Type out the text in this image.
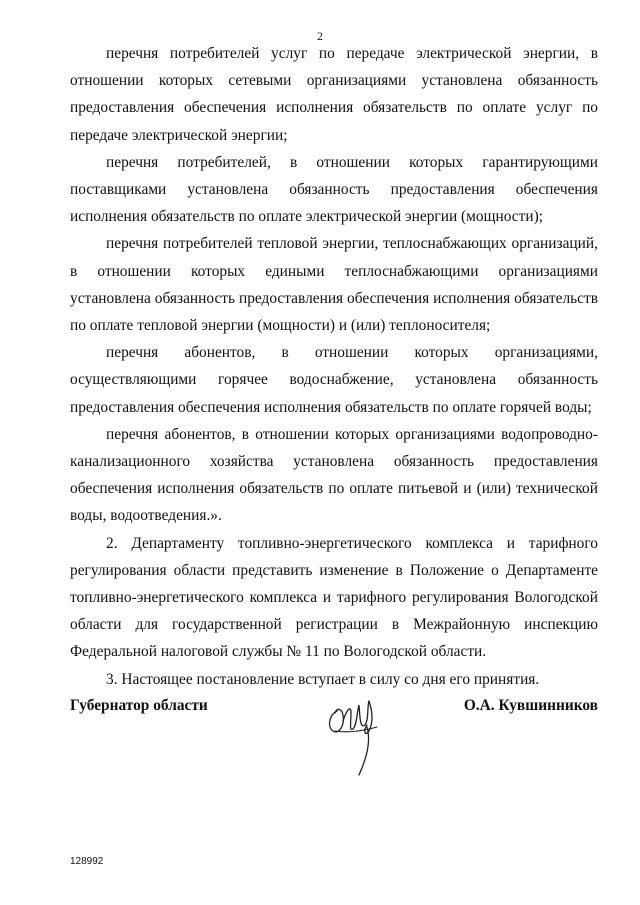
2

перечня потребителей услуг по передаче электрической энергии, в отношении которых сетевыми организациями установлена обязанность предоставления обеспечения исполнения обязательств по оплате услуг по передаче электрической энергии;

перечня потребителей, в отношении которых гарантирующими поставщиками установлена обязанность предоставления обеспечения исполнения обязательств по оплате электрической энергии (мощности);

перечня потребителей тепловой энергии, теплоснабжающих организаций, в отношении которых едиными теплоснабжающими организациями установлена обязанность предоставления обеспечения исполнения обязательств по оплате тепловой энергии (мощности) и (или) теплоносителя;

перечня абонентов, в отношении которых организациями, осуществляющими горячее водоснабжение, установлена обязанность предоставления обеспечения исполнения обязательств по оплате горячей воды;

перечня абонентов, в отношении которых организациями водопроводно-канализационного хозяйства установлена обязанность предоставления обеспечения исполнения обязательств по оплате питьевой и (или) технической воды, водоотведения.».

2. Департаменту топливно-энергетического комплекса и тарифного регулирования области представить изменение в Положение о Департаменте топливно-энергетического комплекса и тарифного регулирования Вологодской области для государственной регистрации в Межрайонную инспекцию Федеральной налоговой службы № 11 по Вологодской области.

3. Настоящее постановление вступает в силу со дня его принятия.

Губернатор области	О.А. Кувшинников
128992
